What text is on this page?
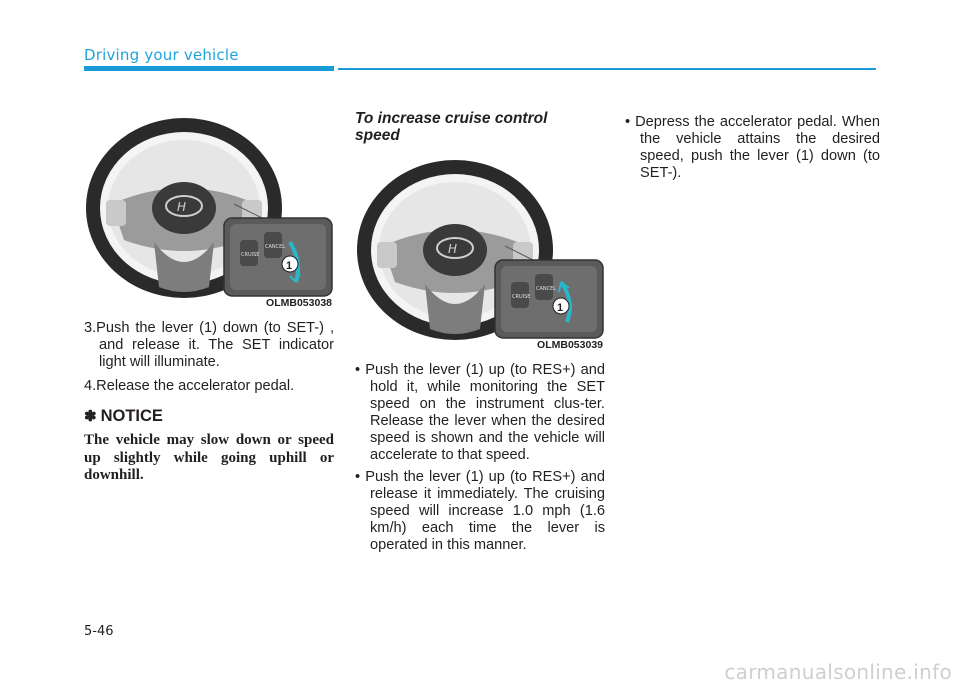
Driving your vehicle
H
CRUISE
CANCEL
1
OLMB053038

3.Push the lever (1) down (to SET-) , and release it. The SET indicator light will illuminate.

4.Release the accelerator pedal.

✽ NOTICE
The vehicle may slow down or speed up slightly while going uphill or downhill.
To increase cruise control speed
H
CRUISE
CANCEL
1
OLMB053039

• Push the lever (1) up (to RES+) and hold it, while monitoring the SET speed on the instrument clus-ter. Release the lever when the desired speed is shown and the vehicle will accelerate to that speed.

• Push the lever (1) up (to RES+) and release it immediately. The cruising speed will increase 1.0 mph (1.6 km/h) each time the lever is operated in this manner.

• Depress the accelerator pedal. When the vehicle attains the desired speed, push the lever (1) down (to SET-).

5-46
carmanualsonline.info
